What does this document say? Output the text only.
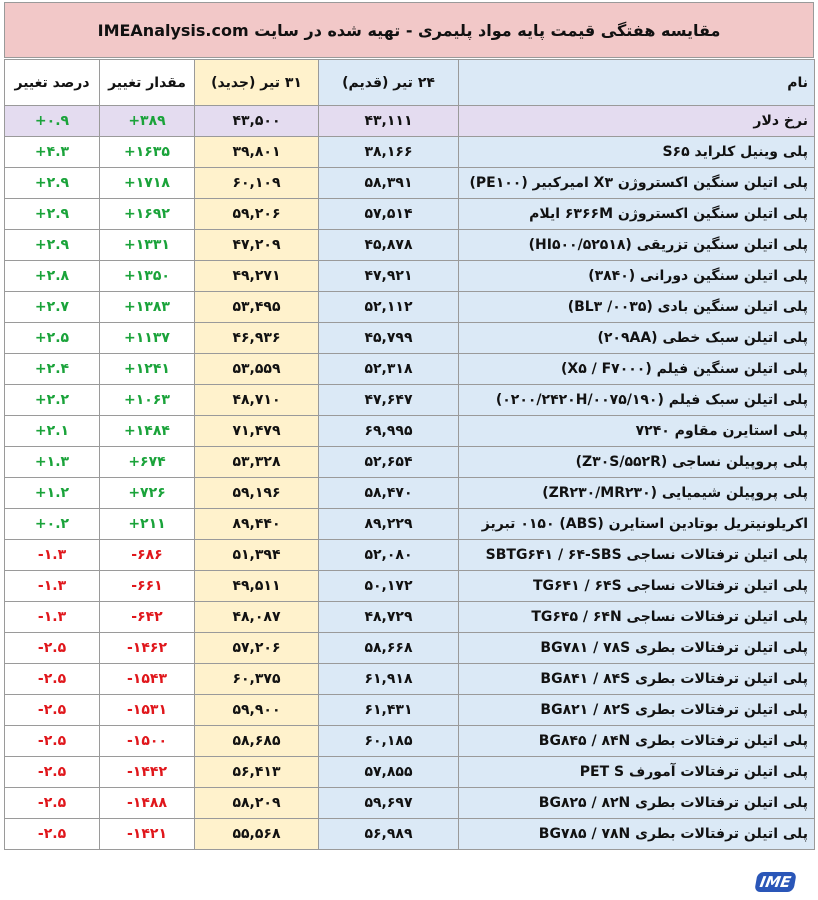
مقایسه هفتگی قیمت پایه مواد پلیمری - تهیه شده در سایت IMEAnalysis.com
نام	۲۴ تیر (قدیم)	۳۱ تیر (جدید)	مقدار تغییر	درصد تغییر
نرخ دلار	۴۳,۱۱۱	۴۳,۵۰۰	+۳۸۹	+۰.۹
پلی وینیل کلراید S۶۵	۳۸,۱۶۶	۳۹,۸۰۱	+۱۶۳۵	+۴.۳
پلی اتیلن سنگین اکستروژن X۳ امیرکبیر (PE۱۰۰)	۵۸,۳۹۱	۶۰,۱۰۹	+۱۷۱۸	+۲.۹
پلی اتیلن سنگین اکستروژن ۶۳۶۶M ایلام	۵۷,۵۱۴	۵۹,۲۰۶	+۱۶۹۲	+۲.۹
پلی اتیلن سنگین تزریقی (HI۵۰۰/۵۲۵۱۸)	۴۵,۸۷۸	۴۷,۲۰۹	+۱۳۳۱	+۲.۹
پلی اتیلن سنگین دورانی (۳۸۴۰)	۴۷,۹۲۱	۴۹,۲۷۱	+۱۳۵۰	+۲.۸
پلی اتیلن سنگین بادی (BL۳ /۰۰۳۵)	۵۲,۱۱۲	۵۳,۴۹۵	+۱۳۸۳	+۲.۷
پلی اتیلن سبک خطی (۲۰۹AA)	۴۵,۷۹۹	۴۶,۹۳۶	+۱۱۳۷	+۲.۵
پلی اتیلن سنگین فیلم (X۵ / F۷۰۰۰)	۵۲,۳۱۸	۵۳,۵۵۹	+۱۲۴۱	+۲.۴
پلی اتیلن سبک فیلم (۰۲۰۰/۲۴۲۰H/۰۰۷۵/۱۹۰)	۴۷,۶۴۷	۴۸,۷۱۰	+۱۰۶۳	+۲.۲
پلی استایرن مقاوم ۷۲۴۰	۶۹,۹۹۵	۷۱,۴۷۹	+۱۴۸۴	+۲.۱
پلی پروپیلن نساجی (Z۳۰S/۵۵۲R)	۵۲,۶۵۴	۵۳,۳۲۸	+۶۷۴	+۱.۳
پلی پروپیلن شیمیایی (ZR۲۳۰/MR۲۳۰)	۵۸,۴۷۰	۵۹,۱۹۶	+۷۲۶	+۱.۲
اکریلونیتریل بوتادین استایرن (ABS) ۰۱۵۰ تبریز	۸۹,۲۲۹	۸۹,۴۴۰	+۲۱۱	+۰.۲
پلی اتیلن ترفتالات نساجی SBTG۶۴۱ / ۶۴-SBS	۵۲,۰۸۰	۵۱,۳۹۴	-۶۸۶	-۱.۳
پلی اتیلن ترفتالات نساجی TG۶۴۱ / ۶۴S	۵۰,۱۷۲	۴۹,۵۱۱	-۶۶۱	-۱.۳
پلی اتیلن ترفتالات نساجی TG۶۴۵ / ۶۴N	۴۸,۷۲۹	۴۸,۰۸۷	-۶۴۲	-۱.۳
پلی اتیلن ترفتالات بطری BG۷۸۱ / ۷۸S	۵۸,۶۶۸	۵۷,۲۰۶	-۱۴۶۲	-۲.۵
پلی اتیلن ترفتالات بطری BG۸۴۱ / ۸۴S	۶۱,۹۱۸	۶۰,۳۷۵	-۱۵۴۳	-۲.۵
پلی اتیلن ترفتالات بطری BG۸۲۱ / ۸۲S	۶۱,۴۳۱	۵۹,۹۰۰	-۱۵۳۱	-۲.۵
پلی اتیلن ترفتالات بطری BG۸۴۵ / ۸۴N	۶۰,۱۸۵	۵۸,۶۸۵	-۱۵۰۰	-۲.۵
پلی اتیلن ترفتالات آمورف PET S	۵۷,۸۵۵	۵۶,۴۱۳	-۱۴۴۲	-۲.۵
پلی اتیلن ترفتالات بطری BG۸۲۵ / ۸۲N	۵۹,۶۹۷	۵۸,۲۰۹	-۱۴۸۸	-۲.۵
پلی اتیلن ترفتالات بطری BG۷۸۵ / ۷۸N	۵۶,۹۸۹	۵۵,۵۶۸	-۱۴۲۱	-۲.۵
IME
